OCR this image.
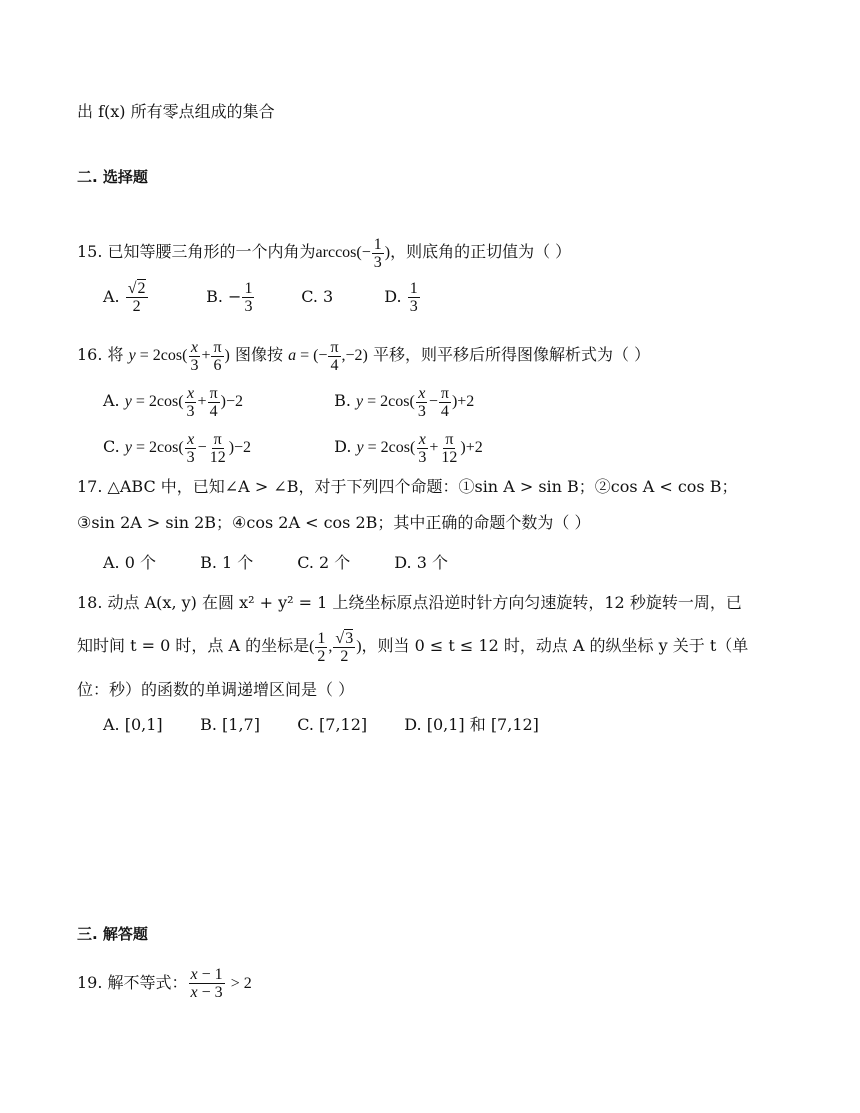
出 f(x) 所有零点组成的集合
二. 选择题
15. 已知等腰三角形的一个内角为$\arccos(- \frac{1}{3}$ )，则底角的正切值为（ ）
A. $\frac{√2}{2}$	B. − $\frac{1}{3}$	C. 3	D. $\frac{1}{3}$
16. 将 $y = 2\cos( \frac{x}{3} + \frac{\pi}{6}$ ) 图像按 a = (− $\frac{\pi}{4} ,-2$) 平移，则平移后所得图像解析式为（ ）
A. $y = 2\cos( \frac{x}{3} + \frac{\pi}{4} )-2$	B. $y = 2\cos( \frac{x}{3} - \frac{\pi}{4} )+2$
C. $y = 2\cos( \frac{x}{3} - \frac{\pi}{12} )-2$	D. $y = 2\cos( \frac{x}{3} + \frac{\pi}{12} )+2$
17. △ABC 中，已知∠A > ∠B，对于下列四个命题：①sin A > sin B；②cos A < cos B；
③sin 2A > sin 2B；④cos 2A < cos 2B；其中正确的命题个数为（ ）
A. 0 个	B. 1 个	C. 2 个	D. 3 个
18. 动点 A(x, y) 在圆 x² + y² = 1 上绕坐标原点沿逆时针方向匀速旋转，12 秒旋转一周，已
知时间 t = 0 时，点 A 的坐标是( $\frac{1}{2}$ , $\frac{√3}{2}$ )，则当 0 ≤ t ≤ 12 时，动点 A 的纵坐标 y 关于 t（单
位：秒）的函数的单调递增区间是（ ）
A. [0,1] B. [1,7] C. [7,12] D. [0,1] 和 [7,12]
三. 解答题
19. 解不等式： $\frac{x - 1}{x - 3} > 2$
